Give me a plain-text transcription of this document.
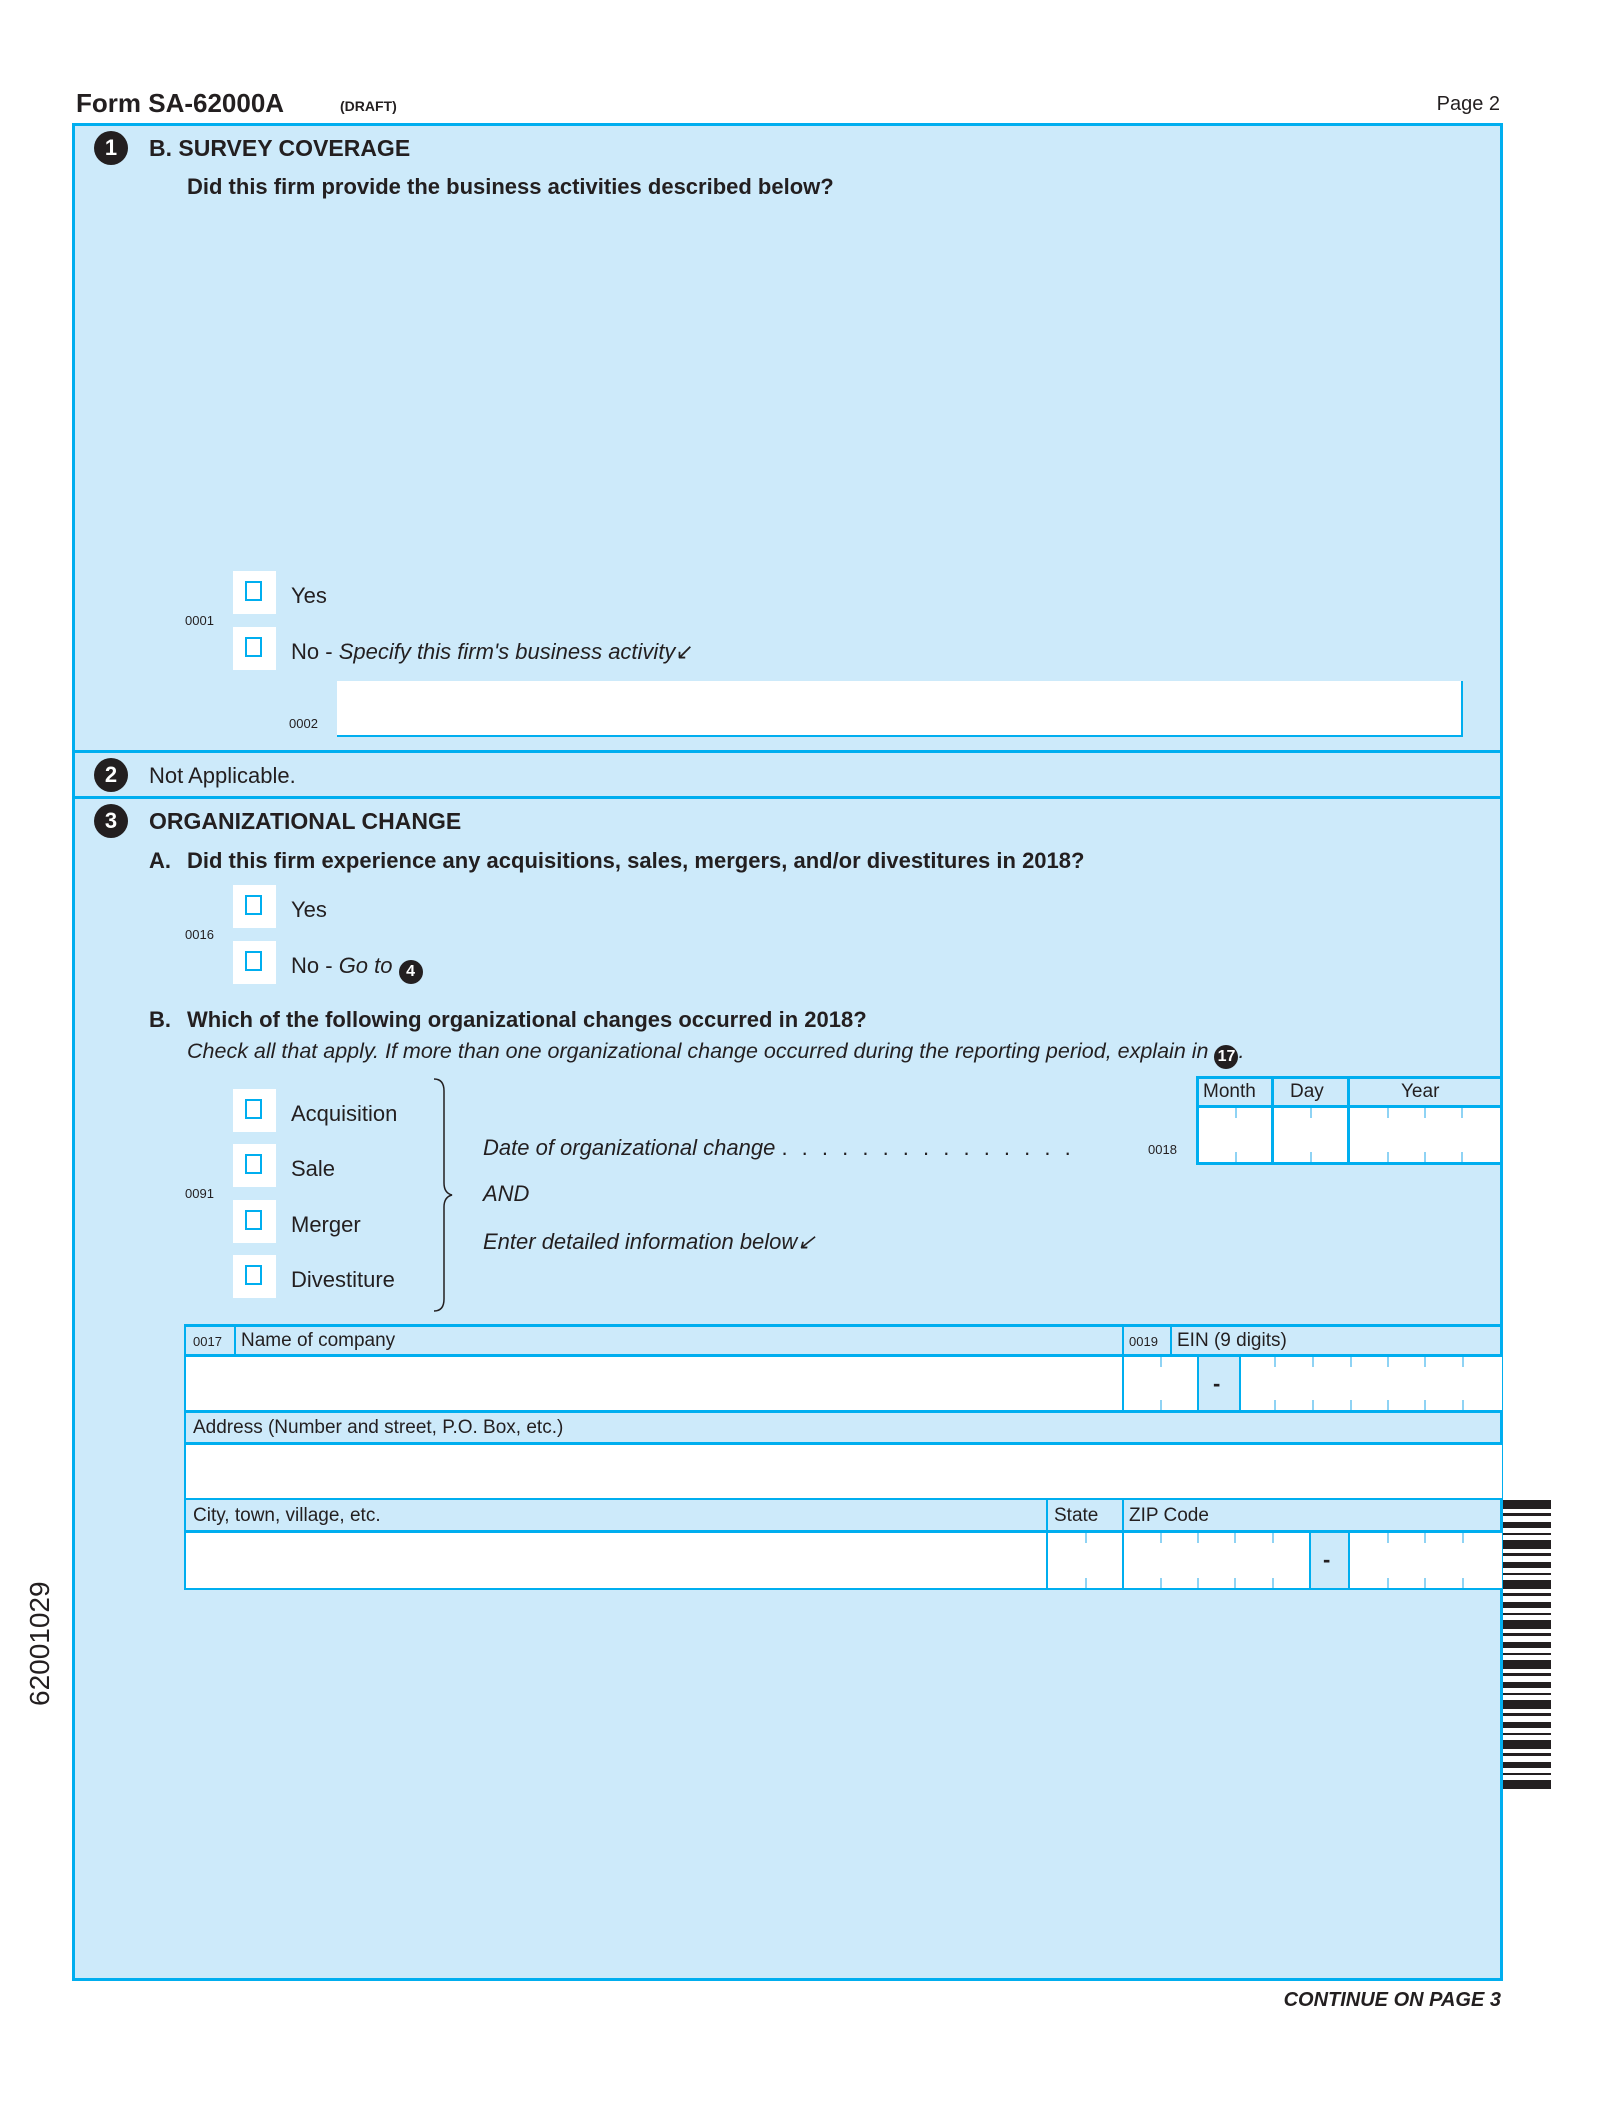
Form SA-62000A	(DRAFT)	Page 2
1	B. SURVEY COVERAGE
Did this firm provide the business activities described below?
Yes
0001
No - Specify this firm's business activity↙
0002
2	Not Applicable.
3	ORGANIZATIONAL CHANGE
A. Did this firm experience any acquisitions, sales, mergers, and/or divestitures in 2018?
Yes
0016
No - Go to 4
B. Which of the following organizational changes occurred in 2018?
Check all that apply. If more than one organizational change occurred during the reporting period, explain in 17 .
Acquisition
Sale
0091
Merger
Divestiture
Date of organizational change . . . . . . . . . . . . . . .	0018
AND
Enter detailed information below↙
Month Day	Year
-
-
0017 Name of company	0019 EIN (9 digits)
Address (Number and street, P.O. Box, etc.)
City, town, village, etc.	State ZIP Code
62001029
CONTINUE ON PAGE 3
